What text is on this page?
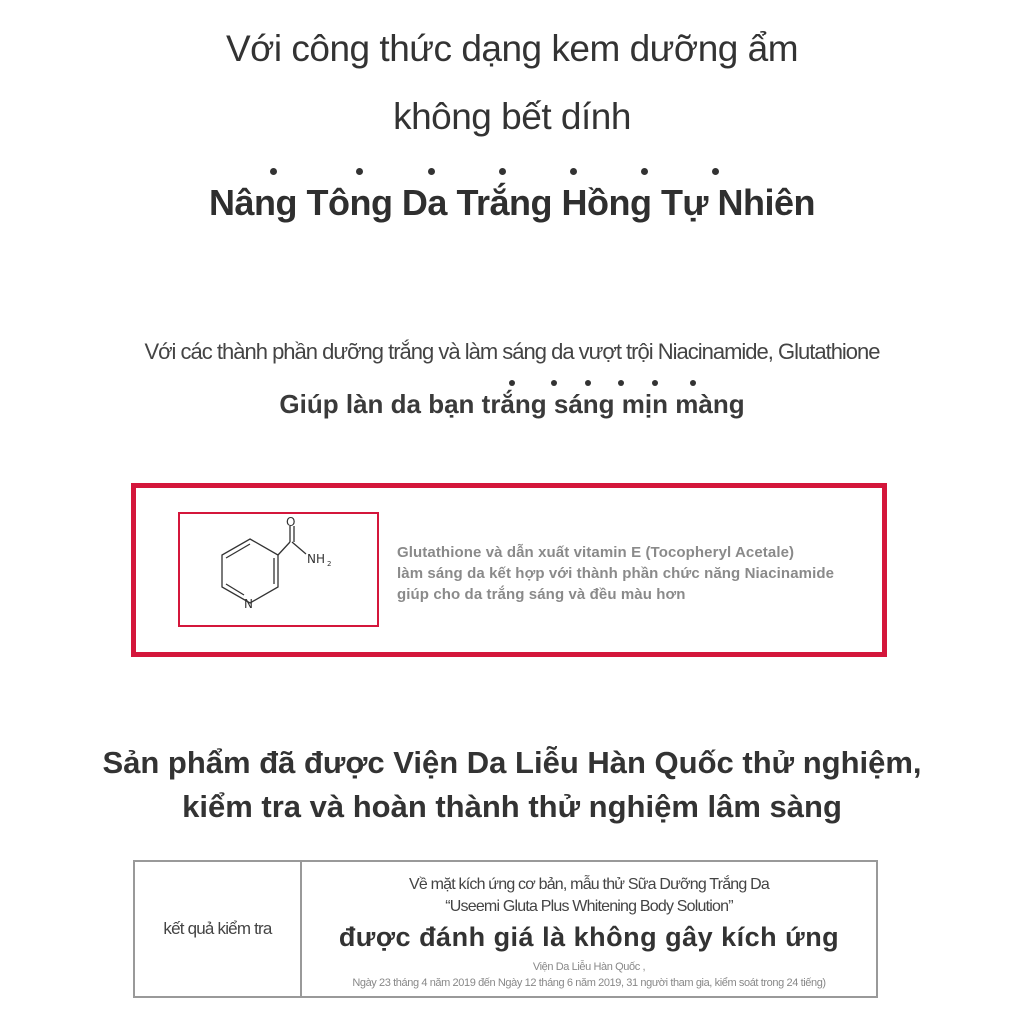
Với công thức dạng kem dưỡng ẩm
không bết dính
Nâng Tông Da Trắng Hồng Tự Nhiên
Với các thành phần dưỡng trắng và làm sáng da vượt trội Niacinamide, Glutathione
Giúp làn da bạn trắng sáng mịn màng
O
NH 2
N
Glutathione và dẫn xuất vitamin E (Tocopheryl Acetale)
làm sáng da kết hợp với thành phần chức năng Niacinamide
giúp cho da trắng sáng và đều màu hơn
Sản phẩm đã được Viện Da Liễu Hàn Quốc thử nghiệm,
kiểm tra và hoàn thành thử nghiệm lâm sàng
kết quả kiểm tra
Về mặt kích ứng cơ bản, mẫu thử Sữa Dưỡng Trắng Da
“Useemi Gluta Plus Whitening Body Solution”
được đánh giá là không gây kích ứng
Viện Da Liễu Hàn Quốc ,
Ngày 23 tháng 4 năm 2019 đến Ngày 12 tháng 6 năm 2019, 31 người tham gia, kiểm soát trong 24 tiếng)
